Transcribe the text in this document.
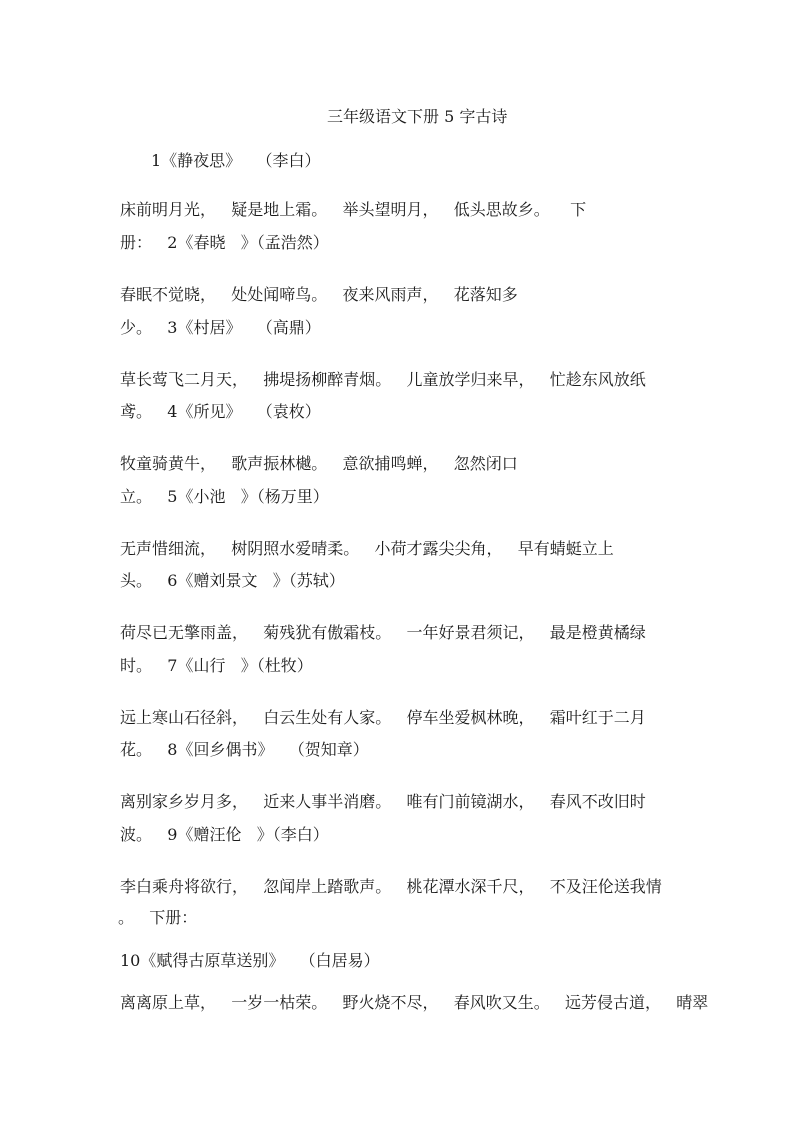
三年级语文下册 5 字古诗

1《静夜思》   （李白）

床前明月光，   疑是地上霜。   举头望明月，   低头思故乡。    下

册：   2《春晓   》（孟浩然）

春眠不觉晓，   处处闻啼鸟。   夜来风雨声，   花落知多

少。   3《村居》   （高鼎）

草长莺飞二月天，   拂堤扬柳醉青烟。   儿童放学归来早，   忙趁东风放纸

鸢。   4《所见》   （袁枚）

牧童骑黄牛，   歌声振林樾。   意欲捕鸣蝉，   忽然闭口

立。   5《小池   》（杨万里）

无声惜细流，   树阴照水爱晴柔。   小荷才露尖尖角，   早有蜻蜓立上

头。   6《赠刘景文   》（苏轼）

荷尽已无擎雨盖，   菊残犹有傲霜枝。   一年好景君须记，   最是橙黄橘绿

时。   7《山行   》（杜牧）

远上寒山石径斜，   白云生处有人家。   停车坐爱枫林晚，   霜叶红于二月

花。   8《回乡偶书》   （贺知章）

离别家乡岁月多，   近来人事半消磨。   唯有门前镜湖水，   春风不改旧时

波。   9《赠汪伦   》（李白）

李白乘舟将欲行，   忽闻岸上踏歌声。   桃花潭水深千尺，   不及汪伦送我情

。   下册：

10《赋得古原草送别》   （白居易）

离离原上草，   一岁一枯荣。   野火烧不尽，   春风吹又生。   远芳侵古道，   晴翠
